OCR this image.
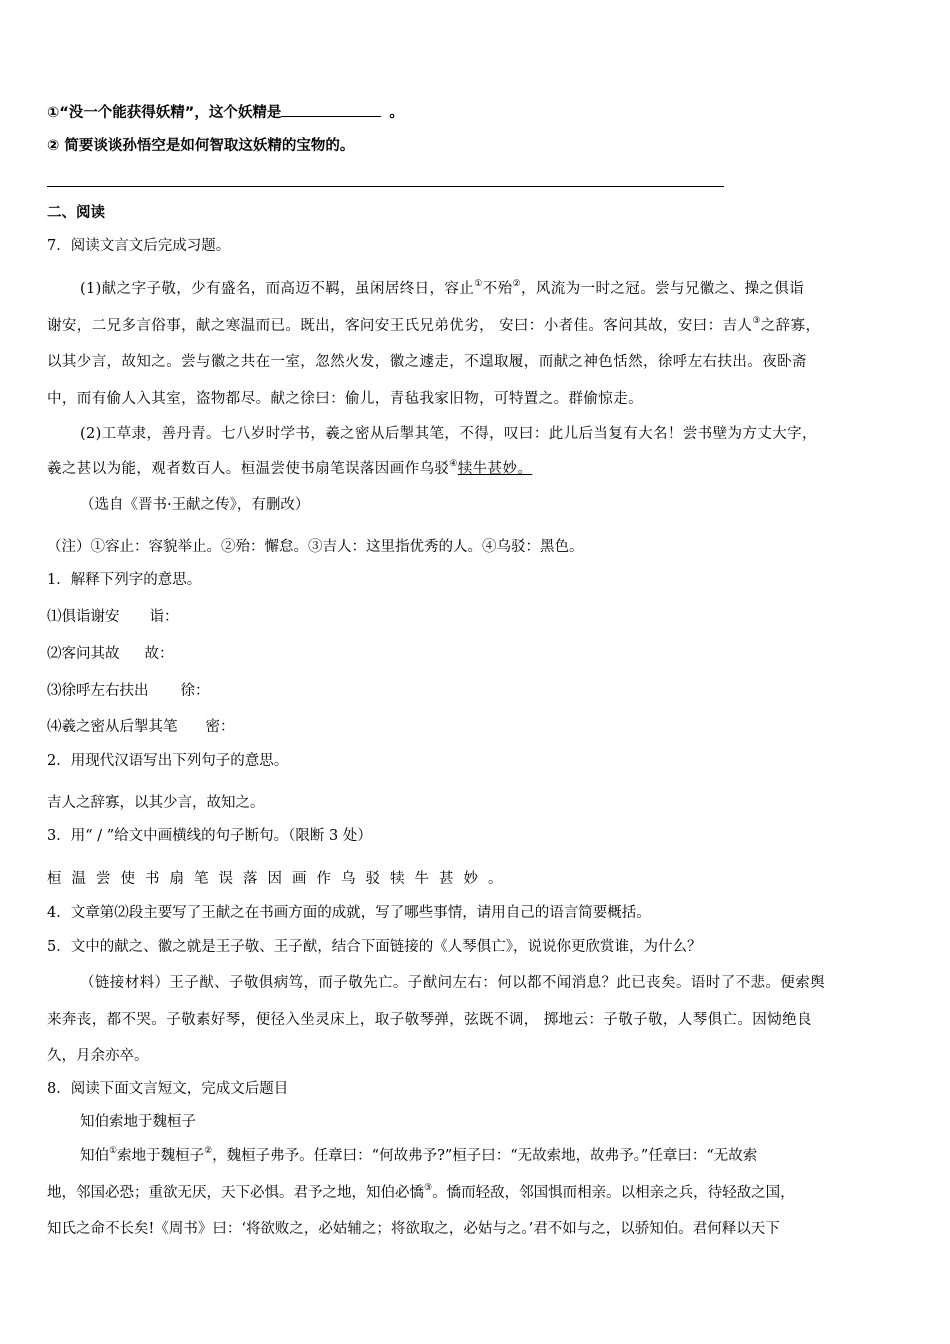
①“没一个能获得妖精”，这个妖精是	。
② 简要谈谈孙悟空是如何智取这妖精的宝物的。
二、阅读
7．阅读文言文后完成习题。
(1)献之字子敬，少有盛名，而高迈不羁，虽闲居终日，容止①不殆②，风流为一时之冠。尝与兄徽之、操之俱诣
谢安，二兄多言俗事，献之寒温而已。既出，客问安王氏兄弟优劣， 安曰：小者佳。客问其故，安曰：吉人③之辞寡，
以其少言，故知之。尝与徽之共在一室，忽然火发，徽之遽走，不遑取履，而献之神色恬然，徐呼左右扶出。夜卧斋
中，而有偷人入其室，盗物都尽。献之徐曰：偷儿，青毡我家旧物，可特置之。群偷惊走。
(2)工草隶，善丹青。七八岁时学书，羲之密从后掣其笔，不得，叹曰：此儿后当复有大名！尝书壁为方丈大字，
羲之甚以为能，观者数百人。桓温尝使书扇笔误落因画作乌驳④犊牛甚妙。
（选自《晋书·王献之传》，有删改）
（注）①容止：容貌举止。②殆：懈怠。③吉人：这里指优秀的人。④乌驳：黑色。
1．解释下列字的意思。
⑴俱诣谢安 诣：
⑵客问其故 故：
⑶徐呼左右扶出 徐：
⑷羲之密从后掣其笔 密：
2．用现代汉语写出下列句子的意思。
吉人之辞寡，以其少言，故知之。
3．用“ / ”给文中画横线的句子断句。（限断 3 处）
桓温尝使书扇笔误落因画作乌驳犊牛甚妙。
4．文章第⑵段主要写了王献之在书画方面的成就，写了哪些事情，请用自己的语言简要概括。
5．文中的献之、徽之就是王子敬、王子猷，结合下面链接的《人琴俱亡》，说说你更欣赏谁，为什么？
（链接材料）王子猷、子敬俱病笃，而子敬先亡。子猷问左右：何以都不闻消息？此已丧矣。语时了不悲。便索舆
来奔丧，都不哭。子敬素好琴，便径入坐灵床上，取子敬琴弹，弦既不调， 掷地云：子敬子敬，人琴俱亡。因恸绝良
久，月余亦卒。
8．阅读下面文言短文，完成文后题目
知伯索地于魏桓子
知伯①索地于魏桓子②，魏桓子弗予。任章曰：“何故弗予?”桓子曰：“无故索地，故弗予。”任章曰：“无故索
地，邻国必恐；重欲无厌，天下必惧。君予之地，知伯必憍③。憍而轻敌，邻国惧而相亲。以相亲之兵，待轻敌之国，
知氏之命不长矣!《周书》曰：‘将欲败之，必姑辅之；将欲取之，必姑与之。’君不如与之，以骄知伯。君何释以天下
